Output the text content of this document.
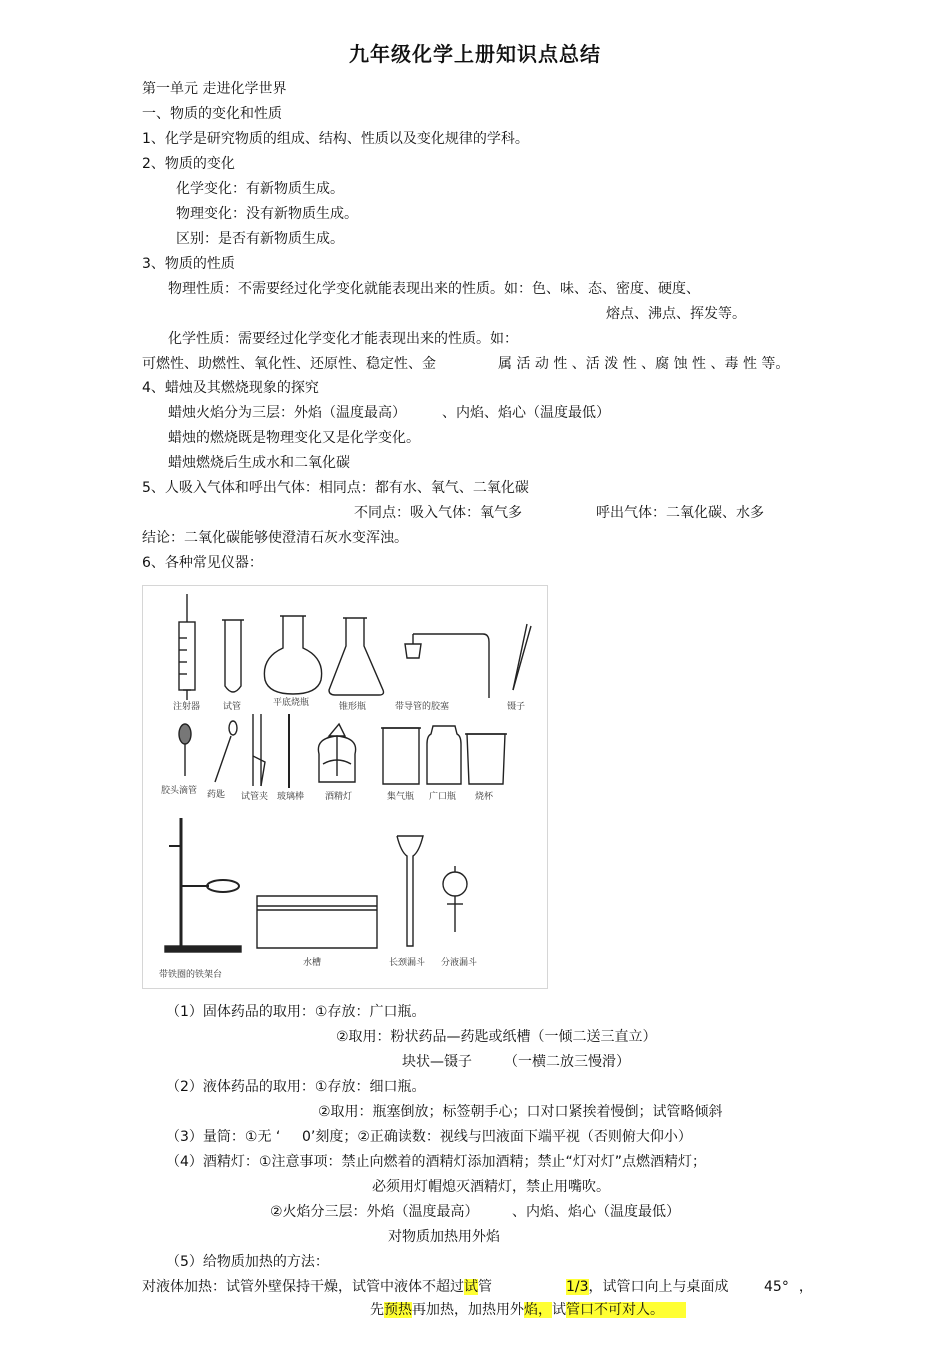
九年级化学上册知识点总结
第一单元 走进化学世界
一、物质的变化和性质
1、化学是研究物质的组成、结构、性质以及变化规律的学科。
2、物质的变化
化学变化：有新物质生成。
物理变化：没有新物质生成。
区别：是否有新物质生成。
3、物质的性质
物理性质：不需要经过化学变化就能表现出来的性质。如：色、味、态、密度、硬度、
熔点、沸点、挥发等。
化学性质：需要经过化学变化才能表现出来的性质。如：
可燃性、助燃性、氧化性、还原性、稳定性、金	属 活 动 性 、活 泼 性 、腐 蚀 性 、毒 性 等。
4、蜡烛及其燃烧现象的探究
蜡烛火焰分为三层：外焰（温度最高）	、内焰、焰心（温度最低）
蜡烛的燃烧既是物理变化又是化学变化。
蜡烛燃烧后生成水和二氧化碳
5、人吸入气体和呼出气体：相同点：都有水、氧气、二氧化碳
不同点：吸入气体：氧气多	呼出气体：二氧化碳、水多
结论：二氧化碳能够使澄清石灰水变浑浊。
6、各种常见仪器：
注射器	试管	平底烧瓶	锥形瓶	带导管的胶塞	镊子
胶头滴管 药匙 试管夹 玻璃棒 酒精灯	集气瓶 广口瓶 烧杯
带铁圈的铁架台
水槽	长颈漏斗 分液漏斗
（1）固体药品的取用：①存放：广口瓶。
②取用：粉状药品—药匙或纸槽（一倾二送三直立）
块状—镊子 （一横二放三慢滑）
（2）液体药品的取用：①存放：细口瓶。
②取用：瓶塞倒放；标签朝手心；口对口紧挨着慢倒；试管略倾斜
（3）量筒：①无 ‘ 0’刻度；②正确读数：视线与凹液面下端平视（否则俯大仰小）
（4）酒精灯：①注意事项：禁止向燃着的酒精灯添加酒精；禁止“灯对灯”点燃酒精灯；
必须用灯帽熄灭酒精灯，禁止用嘴吹。
②火焰分三层：外焰（温度最高） 、内焰、焰心（温度最低）
对物质加热用外焰
（5）给物质加热的方法：
对液体加热：试管外壁保持干燥，试管中液体不超过试管	1/3，试管口向上与桌面成	45° ，
先预热再加热，加热用外焰，试管口不可对人。
